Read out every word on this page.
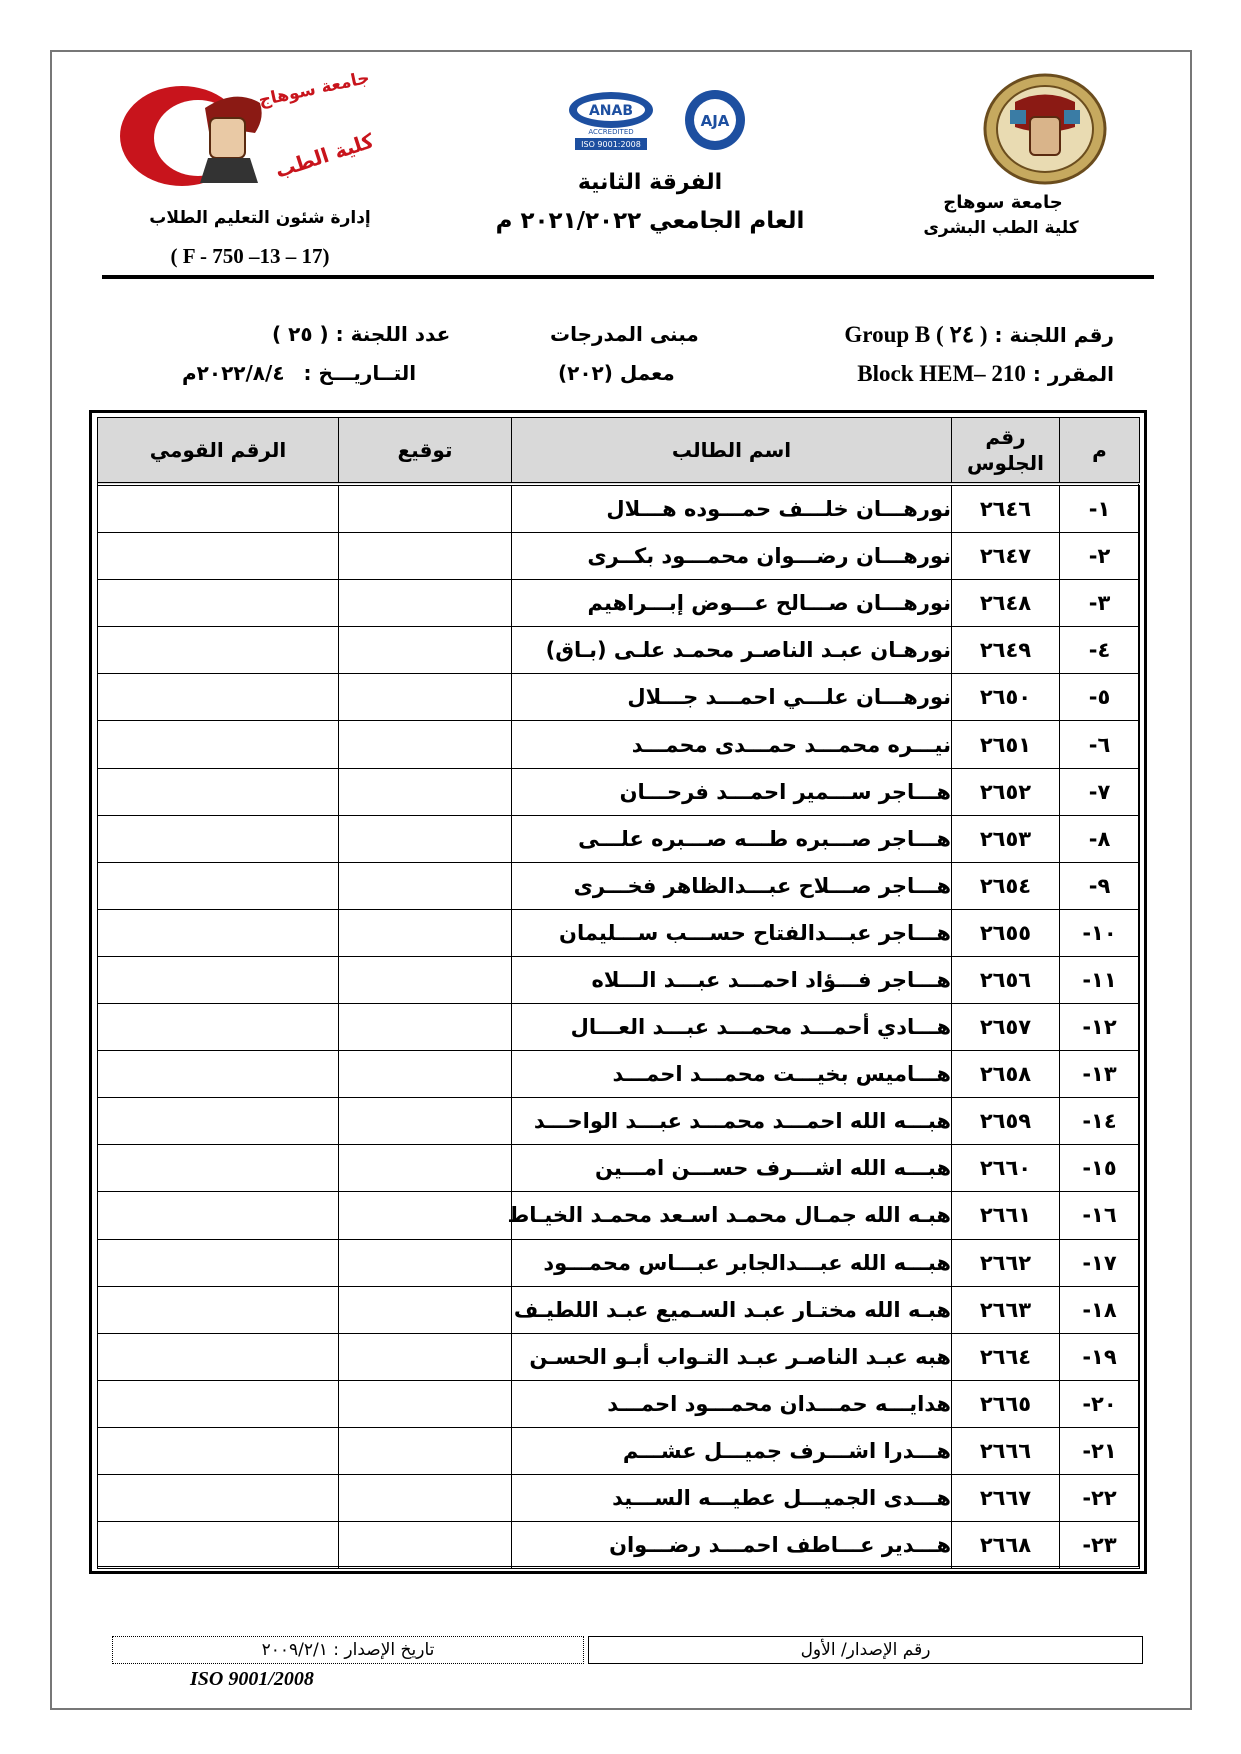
جامعة سوهاج
كلية الطب
ANAB
ACCREDITED
ISO 9001:2008
AJA
جامعة سوهاج
كلية الطب البشرى
الفرقة الثانية
العام الجامعي ٢٠٢١/٢٠٢٢ م
إدارة شئون التعليم الطلاب
( F - 750 –13 – 17)
رقم اللجنة : ( ٢٤ ) Group B
المقرر : Block HEM– 210
مبنى المدرجات
معمل (٢٠٢)
عدد اللجنة : ( ٢٥ )
التــاريـــخ : ٢٠٢٢/٨/٤م
م	رقم الجلوس	اسم الطالب	توقيع	الرقم القومي
١-	٢٦٤٦	نورهـــان خلـــف حمـــوده هـــلال		
٢-	٢٦٤٧	نورهـــان رضـــوان محمـــود بكــرى		
٣-	٢٦٤٨	نورهـــان صـــالح عـــوض إبـــراهيم		
٤-	٢٦٤٩	نورهـان عبـد الناصـر محمـد علـى (بـاق)		
٥-	٢٦٥٠	نورهـــان علـــي احمـــد جـــلال		
٦-	٢٦٥١	نيـــره محمـــد حمـــدى محمـــد		
٧-	٢٦٥٢	هـــاجر ســـمير احمـــد فرحـــان		
٨-	٢٦٥٣	هـــاجر صـــبره طـــه صـــبره علـــى		
٩-	٢٦٥٤	هـــاجر صـــلاح عبـــدالظاهر فخـــرى		
١٠-	٢٦٥٥	هـــاجر عبـــدالفتاح حســـب ســـليمان		
١١-	٢٦٥٦	هـــاجر فـــؤاد احمـــد عبـــد الـــلاه		
١٢-	٢٦٥٧	هـــادي أحمـــد محمـــد عبـــد العـــال		
١٣-	٢٦٥٨	هـــاميس بخيـــت محمـــد احمـــد		
١٤-	٢٦٥٩	هبـــه الله احمـــد محمـــد عبـــد الواحـــد		
١٥-	٢٦٦٠	هبـــه الله اشـــرف حســـن امـــين		
١٦-	٢٦٦١	هبـه الله جمـال محمـد اسـعد محمـد الخيـاط		
١٧-	٢٦٦٢	هبـــه الله عبـــدالجابر عبـــاس محمـــود		
١٨-	٢٦٦٣	هبـه الله مختـار عبـد السـميع عبـد اللطيـف		
١٩-	٢٦٦٤	هبه عبـد الناصـر عبـد التـواب أبـو الحسـن		
٢٠-	٢٦٦٥	هدايـــه حمـــدان محمـــود احمـــد		
٢١-	٢٦٦٦	هـــدرا اشـــرف جميـــل عشـــم		
٢٢-	٢٦٦٧	هـــدى الجميـــل عطيـــه الســـيد		
٢٣-	٢٦٦٨	هـــدير عـــاطف احمـــد رضـــوان		
رقم الإصدار/ الأول
تاريخ الإصدار : ٢٠٠٩/٢/١
ISO 9001/2008
